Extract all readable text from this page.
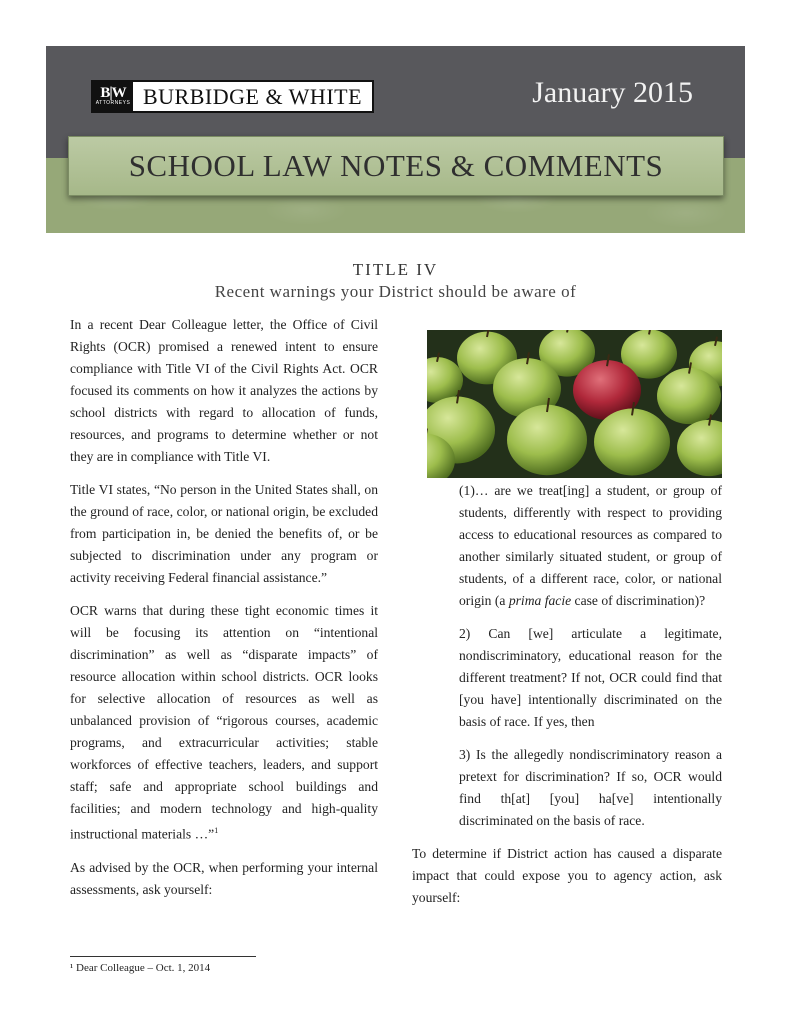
B|W
ATTORNEYS BURBIDGE & WHITE	January 2015
SCHOOL LAW NOTES & COMMENTS
TITLE IV
Recent warnings your District should be aware of

In a recent Dear Colleague letter, the Office of Civil Rights (OCR) promised a renewed intent to ensure compliance with Title VI of the Civil Rights Act. OCR focused its comments on how it analyzes the actions by school districts with regard to allocation of funds, resources, and programs to determine whether or not they are in compliance with Title VI.

Title VI states, “No person in the United States shall, on the ground of race, color, or national origin, be excluded from participation in, be denied the benefits of, or be subjected to discrimination under any program or activity receiving Federal financial assistance.”

OCR warns that during these tight economic times it will be focusing its attention on “intentional discrimination” as well as “disparate impacts” of resource allocation within school districts. OCR looks for selective allocation of resources as well as unbalanced provision of “rigorous courses, academic programs, and extracurricular activities; stable workforces of effective teachers, leaders, and support staff; safe and appropriate school buildings and facilities; and modern technology and high-quality instructional materials …”$^1$

As advised by the OCR, when performing your internal assessments, ask yourself:

(1)… are we treat[ing] a student, or group of students, differently with respect to providing access to educational resources as compared to another similarly situated student, or group of students, of a different race, color, or national origin (a prima facie case of discrimination)?

2) Can [we] articulate a legitimate, nondiscriminatory, educational reason for the different treatment? If not, OCR could find that [you have] intentionally discriminated on the basis of race. If yes, then

3) Is the allegedly nondiscriminatory reason a pretext for discrimination? If so, OCR would find th[at] [you] ha[ve] intentionally discriminated on the basis of race.

To determine if District action has caused a disparate impact that could expose you to agency action, ask yourself:

¹ Dear Colleague – Oct. 1, 2014
